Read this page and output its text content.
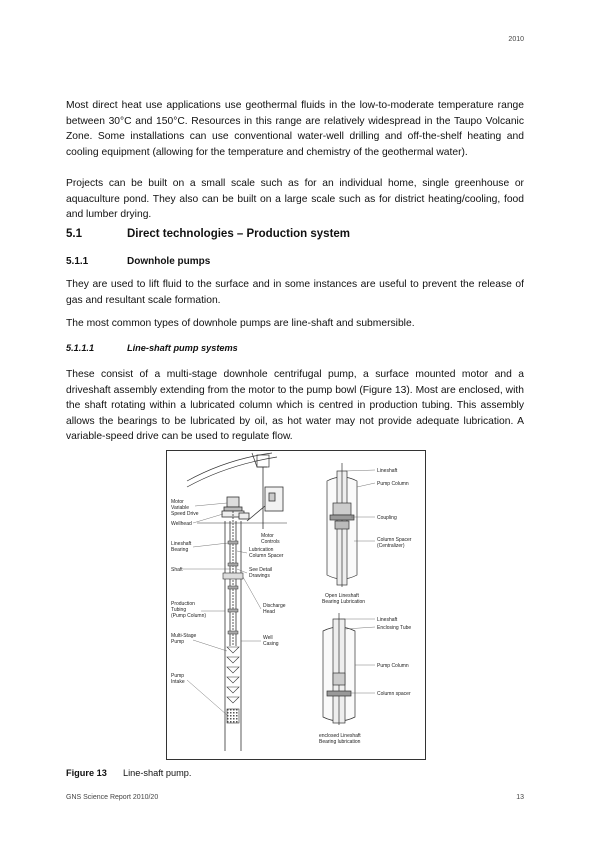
2010

Most direct heat use applications use geothermal fluids in the low-to-moderate temperature range between 30°C and 150°C. Resources in this range are relatively widespread in the Taupo Volcanic Zone. Some installations can use conventional water-well drilling and off-the-shelf heating and cooling equipment (allowing for the temperature and chemistry of the geothermal water).

Projects can be built on a small scale such as for an individual home, single greenhouse or aquaculture pond. They also can be built on a large scale such as for district heating/cooling, food and lumber drying.

5.1	Direct technologies – Production system
5.1.1	Downhole pumps

They are used to lift fluid to the surface and in some instances are useful to prevent the release of gas and resultant scale formation.

The most common types of downhole pumps are line-shaft and submersible.

5.1.1.1	Line-shaft pump systems

These consist of a multi-stage downhole centrifugal pump, a surface mounted motor and a driveshaft assembly extending from the motor to the pump bowl (Figure 13). Most are enclosed, with the shaft rotating within a lubricated column which is centred in production tubing. This assembly allows the bearings to be lubricated by oil, as hot water may not provide adequate lubrication. A variable-speed drive can be used to regulate flow.

Motor
Variable
Speed Drive
Wellhead
Lineshaft
Bearing
Shaft
Production
Tubing
(Pump Column)
Multi-Stage
Pump
Pump
Intake
Motor
Controls
Lubrication
Column Spacer
See Detail
Drawings
Discharge
Head
Well
Casing
Lineshaft
Pump Column
Coupling
Column Spacer
(Centralizer)
Open Lineshaft
Bearing Lubrication
Lineshaft
Enclosing Tube
Pump Column
Column spacer
enclosed Lineshaft
Bearing lubrication
Figure 13 Line-shaft pump.
GNS Science Report 2010/20	13
